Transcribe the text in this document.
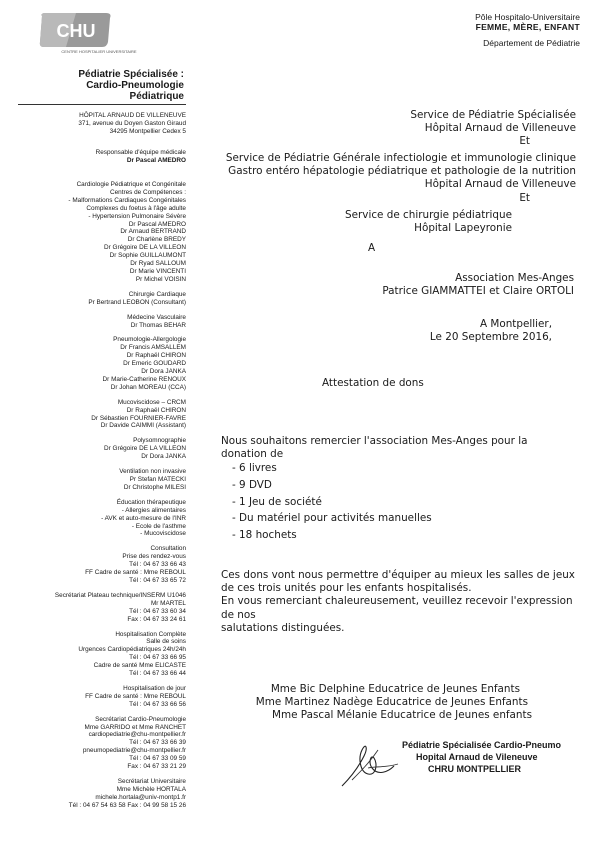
CHU
CENTRE HOSPITALIER UNIVERSITAIRE
Pôle Hospitalo-Universitaire
FEMME, MÈRE, ENFANT
Département de Pédiatrie
Pédiatrie Spécialisée :
Cardio-Pneumologie
Pédiatrique
HÔPITAL ARNAUD DE VILLENEUVE
371, avenue du Doyen Gaston Giraud
34295 Montpellier Cedex 5
Responsable d'équipe médicale
Dr Pascal AMEDRO
Cardiologie Pédiatrique et Congénitale
Centres de Compétences :
- Malformations Cardiaques Congénitales
Complexes du foetus à l'âge adulte
- Hypertension Pulmonaire Sévère
Dr Pascal AMEDRO
Dr Arnaud BERTRAND
Dr Charlène BREDY
Dr Grégoire DE LA VILLEON
Dr Sophie GUILLAUMONT
Dr Ryad SALLOUM
Dr Marie VINCENTI
Pr Michel VOISIN
Chirurgie Cardiaque
Pr Bertrand LEOBON (Consultant)
Médecine Vasculaire
Dr Thomas BEHAR
Pneumologie-Allergologie
Dr Francis AMSALLEM
Dr Raphaël CHIRON
Dr Emeric GOUDARD
Dr Dora JANKA
Dr Marie-Catherine RENOUX
Dr Johan MOREAU (CCA)
Mucoviscidose – CRCM
Dr Raphaël CHIRON
Dr Sébastien FOURNIER-FAVRE
Dr Davide CAIMMI (Assistant)
Polysomnographie
Dr Grégoire DE LA VILLEON
Dr Dora JANKA
Ventilation non invasive
Pr Stefan MATECKI
Dr Christophe MILESI
Éducation thérapeutique
- Allergies alimentaires
- AVK et auto-mesure de l'INR
- Ecole de l'asthme
- Mucoviscidose
Consultation
Prise des rendez-vous
Tél : 04 67 33 66 43
FF Cadre de santé : Mme REBOUL
Tél : 04 67 33 65 72
Secrétariat Plateau technique/INSERM U1046
Mr MARTEL
Tél : 04 67 33 60 34
Fax : 04 67 33 24 61
Hospitalisation Complète
Salle de soins
Urgences Cardiopédiatriques 24h/24h
Tél : 04 67 33 66 95
Cadre de santé Mme ELICASTE
Tél : 04 67 33 66 44
Hospitalisation de jour
FF Cadre de santé : Mme REBOUL
Tél : 04 67 33 66 56
Secrétariat Cardio-Pneumologie
Mme GARRIDO et Mme RANCHET
cardiopediatrie@chu-montpellier.fr
Tél : 04 67 33 66 39
pneumopediatrie@chu-montpellier.fr
Tél : 04 67 33 09 59
Fax : 04 67 33 21 29
Secrétariat Universitaire
Mme Michèle HORTALA
michele.hortala@univ-montp1.fr
Tél : 04 67 54 63 58 Fax : 04 99 58 15 26
Service de Pédiatrie Spécialisée
Hôpital Arnaud de Villeneuve
Et
Service de Pédiatrie Générale infectiologie et immunologie clinique
Gastro entéro hépatologie pédiatrique et pathologie de la nutrition
Hôpital Arnaud de Villeneuve
Et
Service de chirurgie pédiatrique
Hôpital Lapeyronie
A
Association Mes-Anges
Patrice GIAMMATTEI et Claire ORTOLI
A Montpellier,
Le 20 Septembre 2016,
Attestation de dons
Nous souhaitons remercier l'association Mes-Anges pour la
donation de
- 6 livres
- 9 DVD
- 1 Jeu de société
- Du matériel pour activités manuelles
- 18 hochets
Ces dons vont nous permettre d'équiper au mieux les salles de jeux
de ces trois unités pour les enfants hospitalisés.
En vous remerciant chaleureusement, veuillez recevoir l'expression de nos
salutations distinguées.
Mme Bic Delphine Educatrice de Jeunes Enfants
Mme Martinez Nadège Educatrice de Jeunes Enfants
Mme Pascal Mélanie Educatrice de Jeunes enfants
Pédiatrie Spécialisée Cardio-Pneumo
Hopital Arnaud de Vileneuve
CHRU MONTPELLIER
